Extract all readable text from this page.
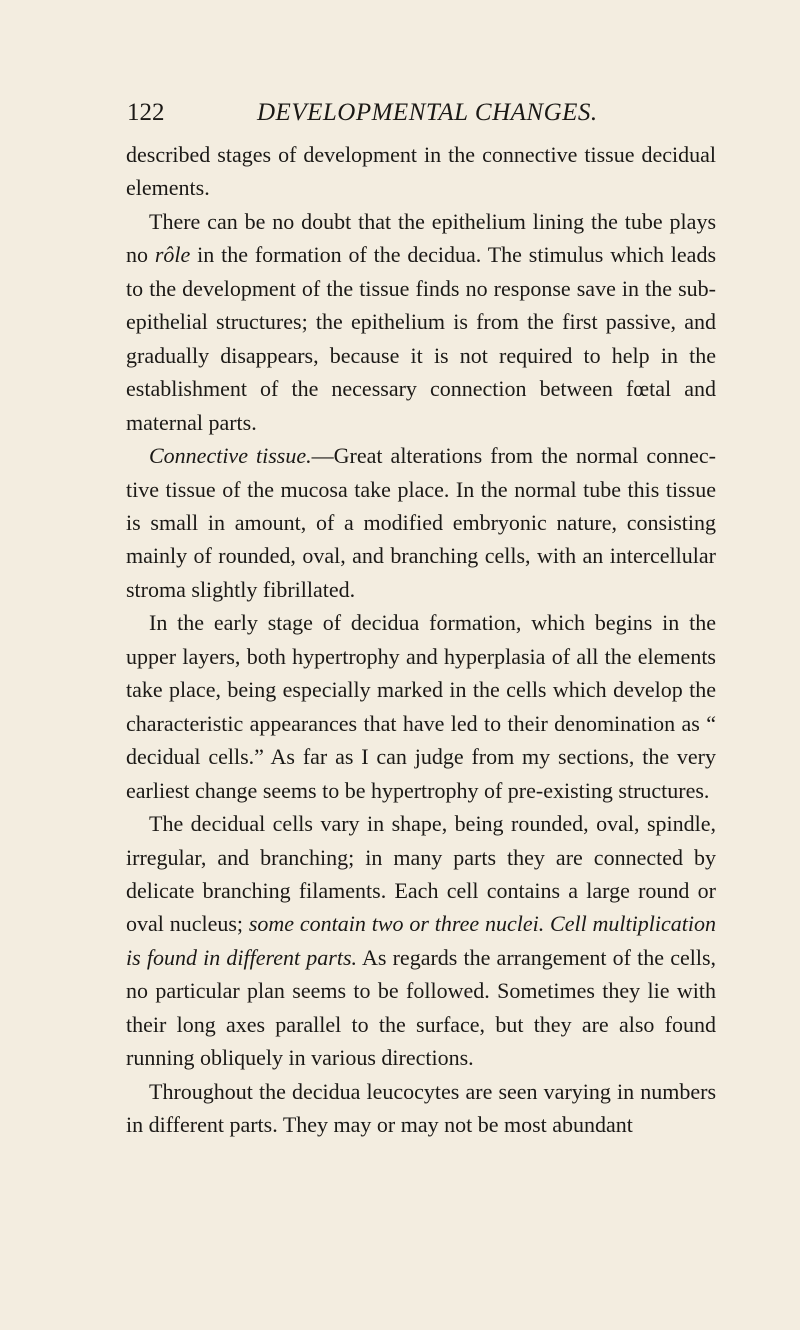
122	DEVELOPMENTAL CHANGES.

described stages of development in the connective tissue decidual elements.

There can be no doubt that the epithelium lining the tube plays no rôle in the formation of the decidua. The stimulus which leads to the development of the tissue finds no response save in the sub-epithelial structures; the epithelium is from the first passive, and gradually disappears, because it is not required to help in the establishment of the necessary connection between fœtal and maternal parts.

Connective tissue.—Great alterations from the normal connective tissue of the mucosa take place. In the normal tube this tissue is small in amount, of a modified embryonic nature, consisting mainly of rounded, oval, and branching cells, with an intercellular stroma slightly fibrillated.

In the early stage of decidua formation, which begins in the upper layers, both hypertrophy and hyperplasia of all the elements take place, being especially marked in the cells which develop the characteristic appearances that have led to their denomination as “ decidual cells.” As far as I can judge from my sections, the very earliest change seems to be hypertrophy of pre-existing structures.

The decidual cells vary in shape, being rounded, oval, spindle, irregular, and branching; in many parts they are connected by delicate branching filaments. Each cell contains a large round or oval nucleus; some contain two or three nuclei. Cell multiplication is found in different parts. As regards the arrangement of the cells, no particular plan seems to be followed. Sometimes they lie with their long axes parallel to the surface, but they are also found running obliquely in various directions.

Throughout the decidua leucocytes are seen varying in numbers in different parts. They may or may not be most abundant
